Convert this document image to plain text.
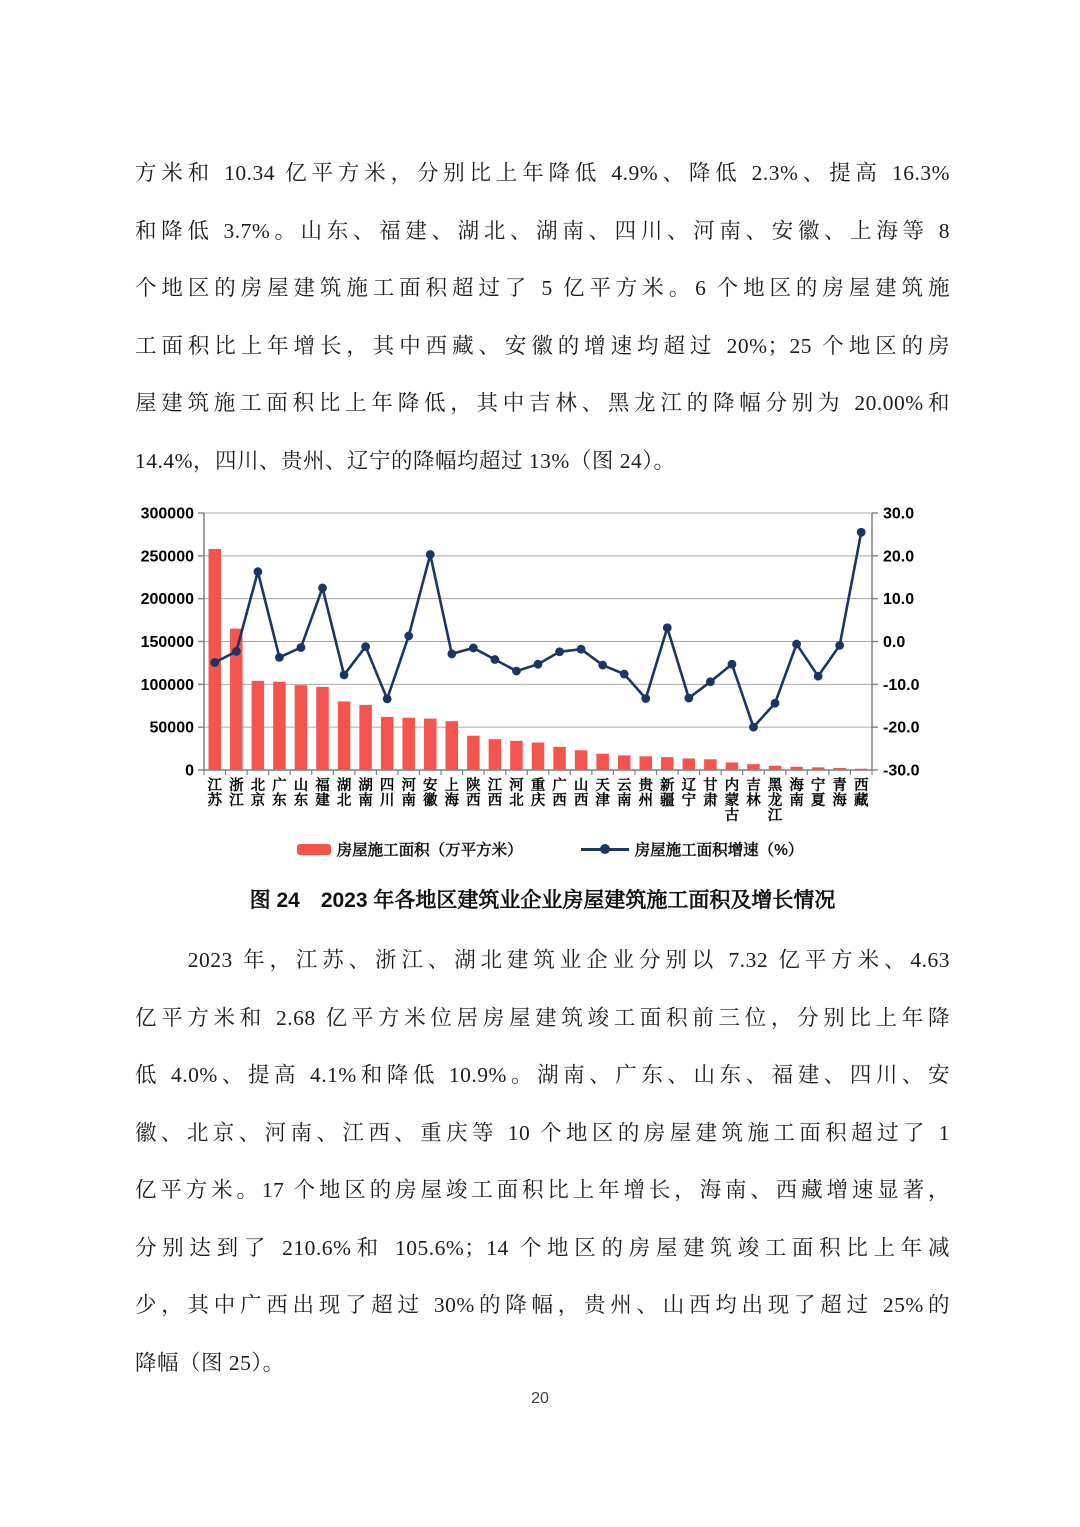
方米和 10.34 亿平方米，分别比上年降低 4.9%、降低 2.3%、提高 16.3%
和降低 3.7%。山东、福建、湖北、湖南、四川、河南、安徽、上海等 8
个地区的房屋建筑施工面积超过了 5 亿平方米。6 个地区的房屋建筑施
工面积比上年增长，其中西藏、安徽的增速均超过 20%；25 个地区的房
屋建筑施工面积比上年降低，其中吉林、黑龙江的降幅分别为 20.00%和
14.4%，四川、贵州、辽宁的降幅均超过 13%（图 24）。
0
50000
100000
150000
200000
250000
300000
-30.0
-20.0
-10.0
0.0
10.0
20.0
30.0
江苏
浙江
北京
广东
山东
福建
湖北
湖南
四川
河南
安徽
上海
陕西
江西
河北
重庆
广西
山西
天津
云南
贵州
新疆
辽宁
甘肃
内蒙古
吉林
黑龙江
海南
宁夏
青海
西藏
房屋施工面积（万平方米）	房屋施工面积增速（%）
图 24　2023 年各地区建筑业企业房屋建筑施工面积及增长情况
　　2023 年，江苏、浙江、湖北建筑业企业分别以 7.32 亿平方米、4.63
亿平方米和 2.68 亿平方米位居房屋建筑竣工面积前三位，分别比上年降
低 4.0%、提高 4.1%和降低 10.9%。湖南、广东、山东、福建、四川、安
徽、北京、河南、江西、重庆等 10 个地区的房屋建筑施工面积超过了 1
亿平方米。17 个地区的房屋竣工面积比上年增长，海南、西藏增速显著，
分别达到了 210.6%和 105.6%；14 个地区的房屋建筑竣工面积比上年减
少，其中广西出现了超过 30%的降幅，贵州、山西均出现了超过 25%的
降幅（图 25）。
20
